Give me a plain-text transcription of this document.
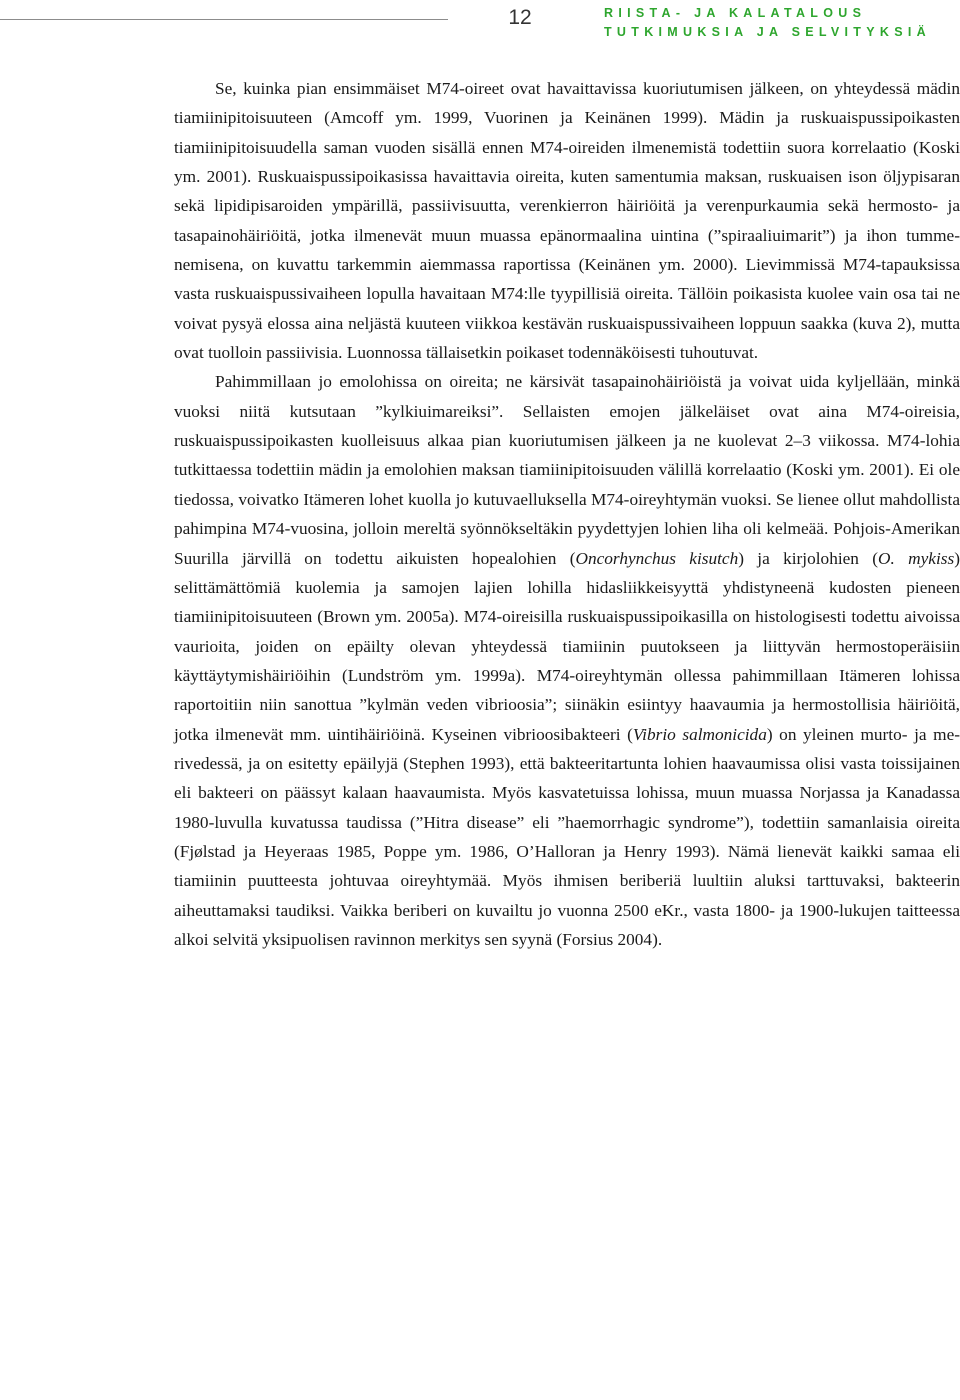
12	RIISTA- JA KALATALOUS
TUTKIMUKSIA JA SELVITYKSIÄ

Se, kuinka pian ensimmäiset M74-oireet ovat havaittavissa kuoriutumisen jälkeen, on yhteydessä mädin tiamiinipitoisuuteen (Amcoff ym. 1999, Vuorinen ja Keinänen 1999). Mädin ja ruskuaispussipoikasten tiamiinipitoisuudella saman vuoden sisällä ennen M74-oireiden ilmenemistä todettiin suora korrelaatio (Koski ym. 2001). Ruskuaispussipoikasissa havaittavia oireita, kuten samentumia maksan, ruskuaisen ison öljypisaran sekä lipidipisaroiden ympärillä, passiivisuutta, verenkierron häiriöitä ja verenpurkaumia sekä hermosto- ja tasapainohäiriöitä, jotka ilmenevät muun muassa epänormaalina uintina (”spiraaliuimarit”) ja ihon tummenemisena, on kuvattu tarkemmin aiemmassa raportissa (Keinänen ym. 2000). Lievimmissä M74-tapauksissa vasta ruskuaispussivaiheen lopulla havaitaan M74:lle tyypillisiä oireita. Tällöin poikasista kuolee vain osa tai ne voivat pysyä elossa aina neljästä kuuteen viikkoa kestävän ruskuaispussivaiheen loppuun saakka (kuva 2), mutta ovat tuolloin passiivisia. Luonnossa tällaisetkin poikaset todennäköisesti tuhoutuvat.

Pahimmillaan jo emolohissa on oireita; ne kärsivät tasapainohäiriöistä ja voivat uida kyljellään, minkä vuoksi niitä kutsutaan ”kylkiuimareiksi”. Sellaisten emojen jälkeläiset ovat aina M74-oireisia, ruskuaispussipoikasten kuolleisuus alkaa pian kuoriutumisen jälkeen ja ne kuolevat 2–3 viikossa. M74-lohia tutkittaessa todettiin mädin ja emolohien maksan tiamiinipitoisuuden välillä korrelaatio (Koski ym. 2001). Ei ole tiedossa, voivatko Itämeren lohet kuolla jo kutuvaelluksella M74-oireyhtymän vuoksi. Se lienee ollut mahdollista pahimpina M74-vuosina, jolloin mereltä syönnökseltäkin pyydettyjen lohien liha oli kelmeää. Pohjois-Amerikan Suurilla järvillä on todettu aikuisten hopealohien (Oncorhynchus kisutch) ja kirjolohien (O. mykiss) selittämättömiä kuolemia ja samojen lajien lohilla hidasliikkeisyyttä yhdistyneenä kudosten pieneen tiamiinipitoisuuteen (Brown ym. 2005a). M74-oireisilla ruskuaispussipoikasilla on histologisesti todettu aivoissa vaurioita, joiden on epäilty olevan yhteydessä tiamiinin puutokseen ja liittyvän hermostoperäisiin käyttäytymishäiriöihin (Lundström ym. 1999a). M74-oireyhtymän ollessa pahimmillaan Itämeren lohissa raportoitiin niin sanottua ”kylmän veden vibrioosia”; siinäkin esiintyy haavaumia ja hermostollisia häiriöitä, jotka ilmenevät mm. uintihäiriöinä. Kyseinen vibrioosibakteeri (Vibrio salmonicida) on yleinen murto- ja merivedessä, ja on esitetty epäilyjä (Stephen 1993), että bakteeritartunta lohien haavaumissa olisi vasta toissijainen eli bakteeri on päässyt kalaan haavaumista. Myös kasvatetuissa lohissa, muun muassa Norjassa ja Kanadassa 1980-luvulla kuvatussa taudissa (”Hitra disease” eli ”haemorrhagic syndrome”), todettiin samanlaisia oireita (Fjølstad ja Heyeraas 1985, Poppe ym. 1986, O’Halloran ja Henry 1993). Nämä lienevät kaikki samaa eli tiamiinin puutteesta johtuvaa oireyhtymää. Myös ihmisen beriberiä luultiin aluksi tarttuvaksi, bakteerin aiheuttamaksi taudiksi. Vaikka beriberi on kuvailtu jo vuonna 2500 eKr., vasta 1800- ja 1900-lukujen taitteessa alkoi selvitä yksipuolisen ravinnon merkitys sen syynä (Forsius 2004).
